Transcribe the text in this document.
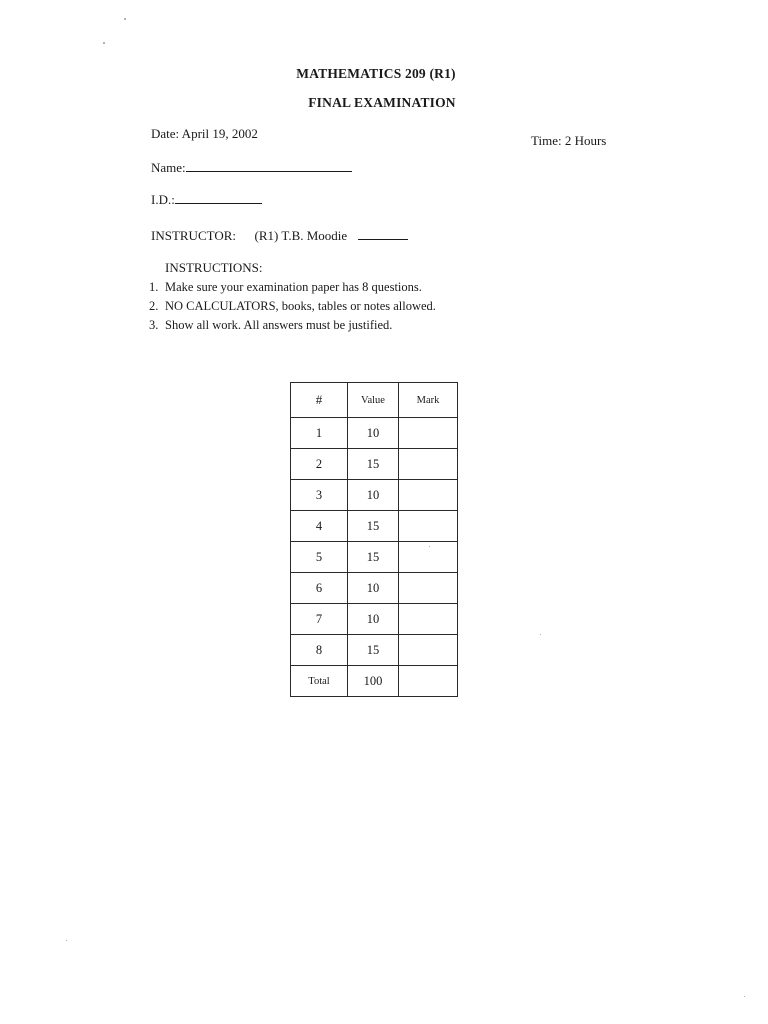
MATHEMATICS 209 (R1)
FINAL EXAMINATION
Date: April 19, 2002	Time: 2 Hours
Name:
I.D.:
INSTRUCTOR: (R1) T.B. Moodie
INSTRUCTIONS:
1. Make sure your examination paper has 8 questions.
2. NO CALCULATORS, books, tables or notes allowed.
3. Show all work. All answers must be justified.
#	Value	Mark
1	10	
2	15	
3	10	
4	15	
5	15	
6	10	
7	10	
8	15	
Total	100	
